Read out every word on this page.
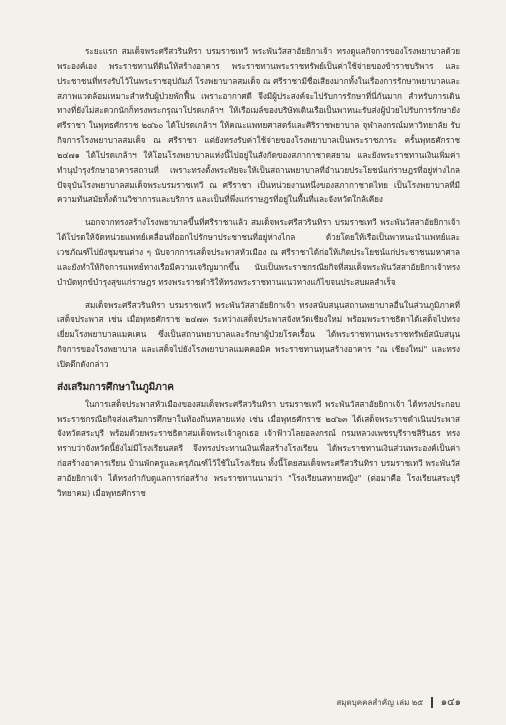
ระยะแรก สมเด็จพระศรีสวรินทิรา บรมราชเทวี พระพันวัสสาอัยยิกาเจ้า ทรงดูแลกิจการของโรงพยาบาลด้วยพระองค์เอง พระราชทานที่ดินให้สร้างอาคาร พระราชทานพระราชทรัพย์เป็นค่าใช้จ่ายของข้าราชบริพาร และประชาชนที่ทรงรับไว้ในพระราชอุปถัมภ์ โรงพยาบาลสมเด็จ ณ ศรีราชามีชื่อเสียงมากทั้งในเรื่องการรักษาพยาบาลและสภาพแวดล้อมเหมาะสำหรับผู้ป่วยพักฟื้น เพราะอากาศดี จึงมีผู้ประสงค์จะไปรับการรักษาที่นี่กันมาก สำหรับการเดินทางที่ยังไม่สะดวกนักก็ทรงพระกรุณาโปรดเกล้าฯ ให้เรือเมล์ของบริษัทเดินเรือเป็นพาหนะรับส่งผู้ป่วยไปรับการรักษายังศรีราชา ในพุทธศักราช ๒๔๖๐ ได้โปรดเกล้าฯ ให้คณะแพทยศาสตร์และศิริราชพยาบาล จุฬาลงกรณ์มหาวิทยาลัย รับกิจการโรงพยาบาลสมเด็จ ณ ศรีราชา แต่ยังทรงรับค่าใช้จ่ายของโรงพยาบาลเป็นพระราชภาระ ครั้นพุทธศักราช ๒๔๗๑ ได้โปรดเกล้าฯ ให้โอนโรงพยาบาลแห่งนี้ไปอยู่ในสังกัดของสภากาชาดสยาม และยังพระราชทานเงินเพิ่มค่าทำนุบำรุงรักษาอาคารสถานที่ เพราะทรงตั้งพระทัยจะให้เป็นสถานพยาบาลที่อำนวยประโยชน์แก่ราษฎรที่อยู่ห่างไกล ปัจจุบันโรงพยาบาลสมเด็จพระบรมราชเทวี ณ ศรีราชา เป็นหน่วยงานหนึ่งของสภากาชาดไทย เป็นโรงพยาบาลที่มีความทันสมัยทั้งด้านวิชาการและบริการ และเป็นที่พึ่งแก่ราษฎรที่อยู่ในพื้นที่และจังหวัดใกล้เคียง

นอกจากทรงสร้างโรงพยาบาลขึ้นที่ศรีราชาแล้ว สมเด็จพระศรีสวรินทิรา บรมราชเทวี พระพันวัสสาอัยยิกาเจ้า ได้โปรดให้จัดหน่วยแพทย์เคลื่อนที่ออกไปรักษาประชาชนที่อยู่ห่างไกล ด้วยโดยให้เรือเป็นพาหนะนำแพทย์และเวชภัณฑ์ไปยังชุมชนต่าง ๆ นับจากการเสด็จประพาสหัวเมือง ณ ศรีราชาได้ก่อให้เกิดประโยชน์แก่ประชาชนมหาศาล และยังทำให้กิจการแพทย์ทางเรือมีความเจริญมากขึ้น นับเป็นพระราชกรณียกิจที่สมเด็จพระพันวัสสาอัยยิกาเจ้าทรงบำบัดทุกข์บำรุงสุขแก่ราษฎร ทรงพระราชดำริให้ทรงพระราชทานแนวทางแก้ไขจนประสบผลสำเร็จ

สมเด็จพระศรีสวรินทิรา บรมราชเทวี พระพันวัสสาอัยยิกาเจ้า ทรงสนับสนุนสถานพยาบาลอื่นในส่วนภูมิภาคที่เสด็จประพาส เช่น เมื่อพุทธศักราช ๒๔๗๓ ระหว่างเสด็จประพาสจังหวัดเชียงใหม่ พร้อมพระราชธิดาได้เสด็จไปทรงเยี่ยมโรงพยาบาลแมคเคน ซึ่งเป็นสถานพยาบาลและรักษาผู้ป่วยโรคเรื้อน ได้พระราชทานพระราชทรัพย์สนับสนุนกิจการของโรงพยาบาล และเสด็จไปยังโรงพยาบาลแมคคอมิค พระราชทานทุนสร้างอาคาร "ณ เชียงใหม่" และทรงเปิดตึกดังกล่าว

ส่งเสริมการศึกษาในภูมิภาค

ในการเสด็จประพาสหัวเมืองของสมเด็จพระศรีสวรินทิรา บรมราชเทวี พระพันวัสสาอัยยิกาเจ้า ได้ทรงประกอบพระราชกรณียกิจส่งเสริมการศึกษาในท้องถิ่นหลายแห่ง เช่น เมื่อพุทธศักราช ๒๔๖๓ ได้เสด็จพระราชดำเนินประพาสจังหวัดสระบุรี พร้อมด้วยพระราชธิดาสมเด็จพระเจ้าลูกเธอ เจ้าฟ้าวไลยอลงกรณ์ กรมหลวงเพชรบุรีราชสิรินธร ทรงทราบว่าจังหวัดนี้ยังไม่มีโรงเรียนสตรี จึงทรงประทานเงินเพื่อสร้างโรงเรียน ได้พระราชทานเงินส่วนพระองค์เป็นค่าก่อสร้างอาคารเรียน บ้านพักครูและครุภัณฑ์ไว้ใช้ในโรงเรียน ทั้งนี้โดยสมเด็จพระศรีสวรินทิรา บรมราชเทวี พระพันวัสสาอัยยิกาเจ้า ได้ทรงกำกับดูแลการก่อสร้าง พระราชทานนามว่า "โรงเรียนสหายหญิง" (ต่อมาคือ โรงเรียนสระบุรีวิทยาคม) เมื่อพุทธศักราช

สมุดบุคคลสำคัญ เล่ม ๒๕ ๑๔๑
